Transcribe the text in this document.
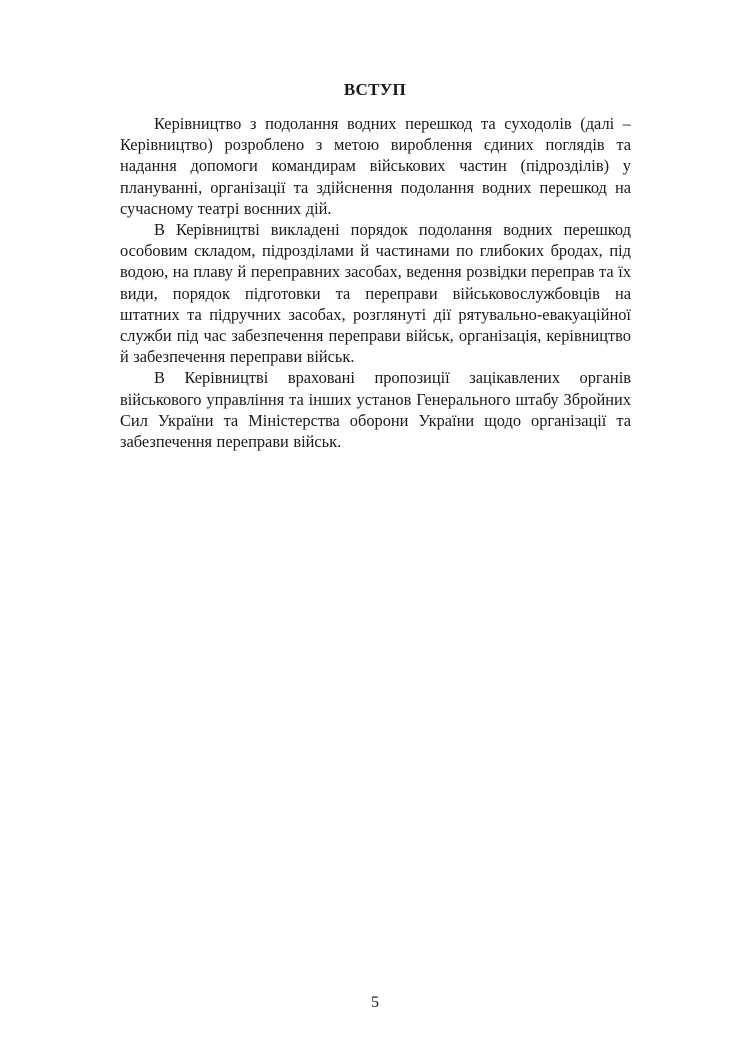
ВСТУП

Керівництво з подолання водних перешкод та суходолів (далі – Керівництво) розроблено з метою вироблення єдиних поглядів та надання допомоги командирам військових частин (підрозділів) у плануванні, організації та здійснення подолання водних перешкод на сучасному театрі воєнних дій.

В Керівництві викладені порядок подолання водних перешкод особовим складом, підрозділами й частинами по глибоких бродах, під водою, на плаву й переправних засобах, ведення розвідки переправ та їх види, порядок підготовки та переправи військовослужбовців на штатних та підручних засобах, розглянуті дії рятувально-евакуаційної служби під час забезпечення переправи військ, організація, керівництво й забезпечення переправи військ.

В Керівництві враховані пропозиції зацікавлених органів військового управління та інших установ Генерального штабу Збройних Сил України та Міністерства оборони України щодо організації та забезпечення переправи військ.

5
